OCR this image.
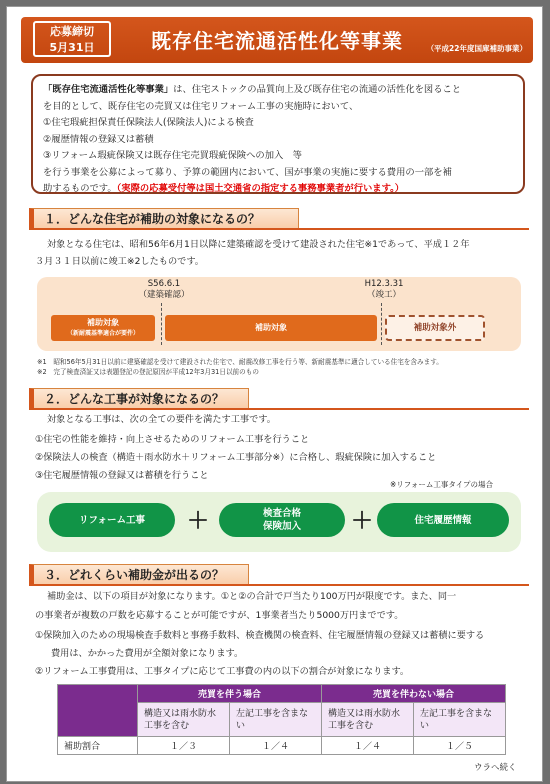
応募締切
5月31日	既存住宅流通活性化等事業	（平成22年度国庫補助事業）
「既存住宅流通活性化等事業」は、住宅ストックの品質向上及び既存住宅の流通の活性化を図ること
を目的として、既存住宅の売買又は住宅リフォーム工事の実施時において、
①住宅瑕疵担保責任保険法人(保険法人)による検査
②履歴情報の登録又は蓄積
③リフォーム瑕疵保険又は既存住宅売買瑕疵保険への加入　等
を行う事業を公募によって募り、予算の範囲内において、国が事業の実施に要する費用の一部を補
助するものです。（実際の応募受付等は国土交通省の指定する事務事業者が行います。）
１．どんな住宅が補助の対象になるの？
対象となる住宅は、昭和56年6月1日以降に建築確認を受けて建設された住宅※1であって、平成１２年
３月３１日以前に竣工※2したものです。
S56.6.1
（建築確認）
H12.3.31
（竣工）
補助対象
（新耐震基準適合が要件）
補助対象	補助対象外
※1　昭和56年5月31日以前に建築確認を受けて建設された住宅で、耐震改修工事を行う等、新耐震基準に適合している住宅を含みます。
※2　完了検査済証又は表題登記の登記原因が平成12年3月31日以前のもの
２．どんな工事が対象になるの？
対象となる工事は、次の全ての要件を満たす工事です。
①住宅の性能を維持・向上させるためのリフォーム工事を行うこと
②保険法人の検査（構造＋雨水防水＋リフォーム工事部分※）に合格し、瑕疵保険に加入すること
③住宅履歴情報の登録又は蓄積を行うこと
※リフォーム工事タイプの場合
リフォーム工事	＋	検査合格
保険加入 ＋	住宅履歴情報
３．どれくらい補助金が出るの？
補助金は、以下の項目が対象になります。①と②の合計で戸当たり100万円が限度です。また、同一
の事業者が複数の戸数を応募することが可能ですが、1事業者当たり5000万円までです。
①保険加入のための現場検査手数料と事務手数料、検査機関の検査料、住宅履歴情報の登録又は蓄積に要する
費用は、かかった費用が全額対象になります。
②リフォーム工事費用は、工事タイプに応じて工事費の内の以下の割合が対象になります。
	売買を伴う場合		売買を伴わない場合	
	構造又は雨水防水工事を含む	左記工事を含まない	構造又は雨水防水工事を含む	左記工事を含まない
補助割合	１／３	１／４	１／４	１／５
ウラへ続く
